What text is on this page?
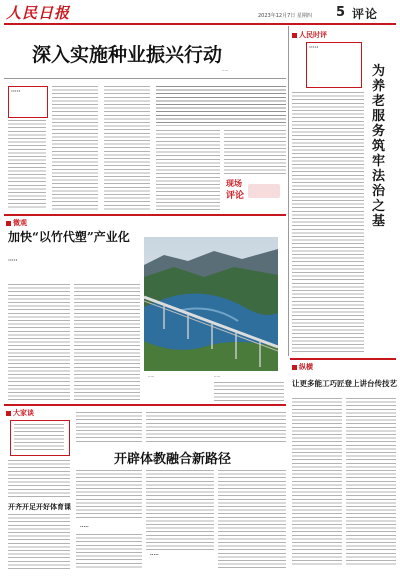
人民日报	2023年12月7日 星期四 5 评论
深入实施种业振兴行动
·····
·····
现场
评论
人民时评
·····
为养老服务筑牢法治之基
微观
加快“以竹代塑”产业化
·····
·····	·····
纵横
让更多能工巧匠登上讲台传技艺
大家谈
开齐开足开好体育课
开辟体教融合新路径
·····
·····
